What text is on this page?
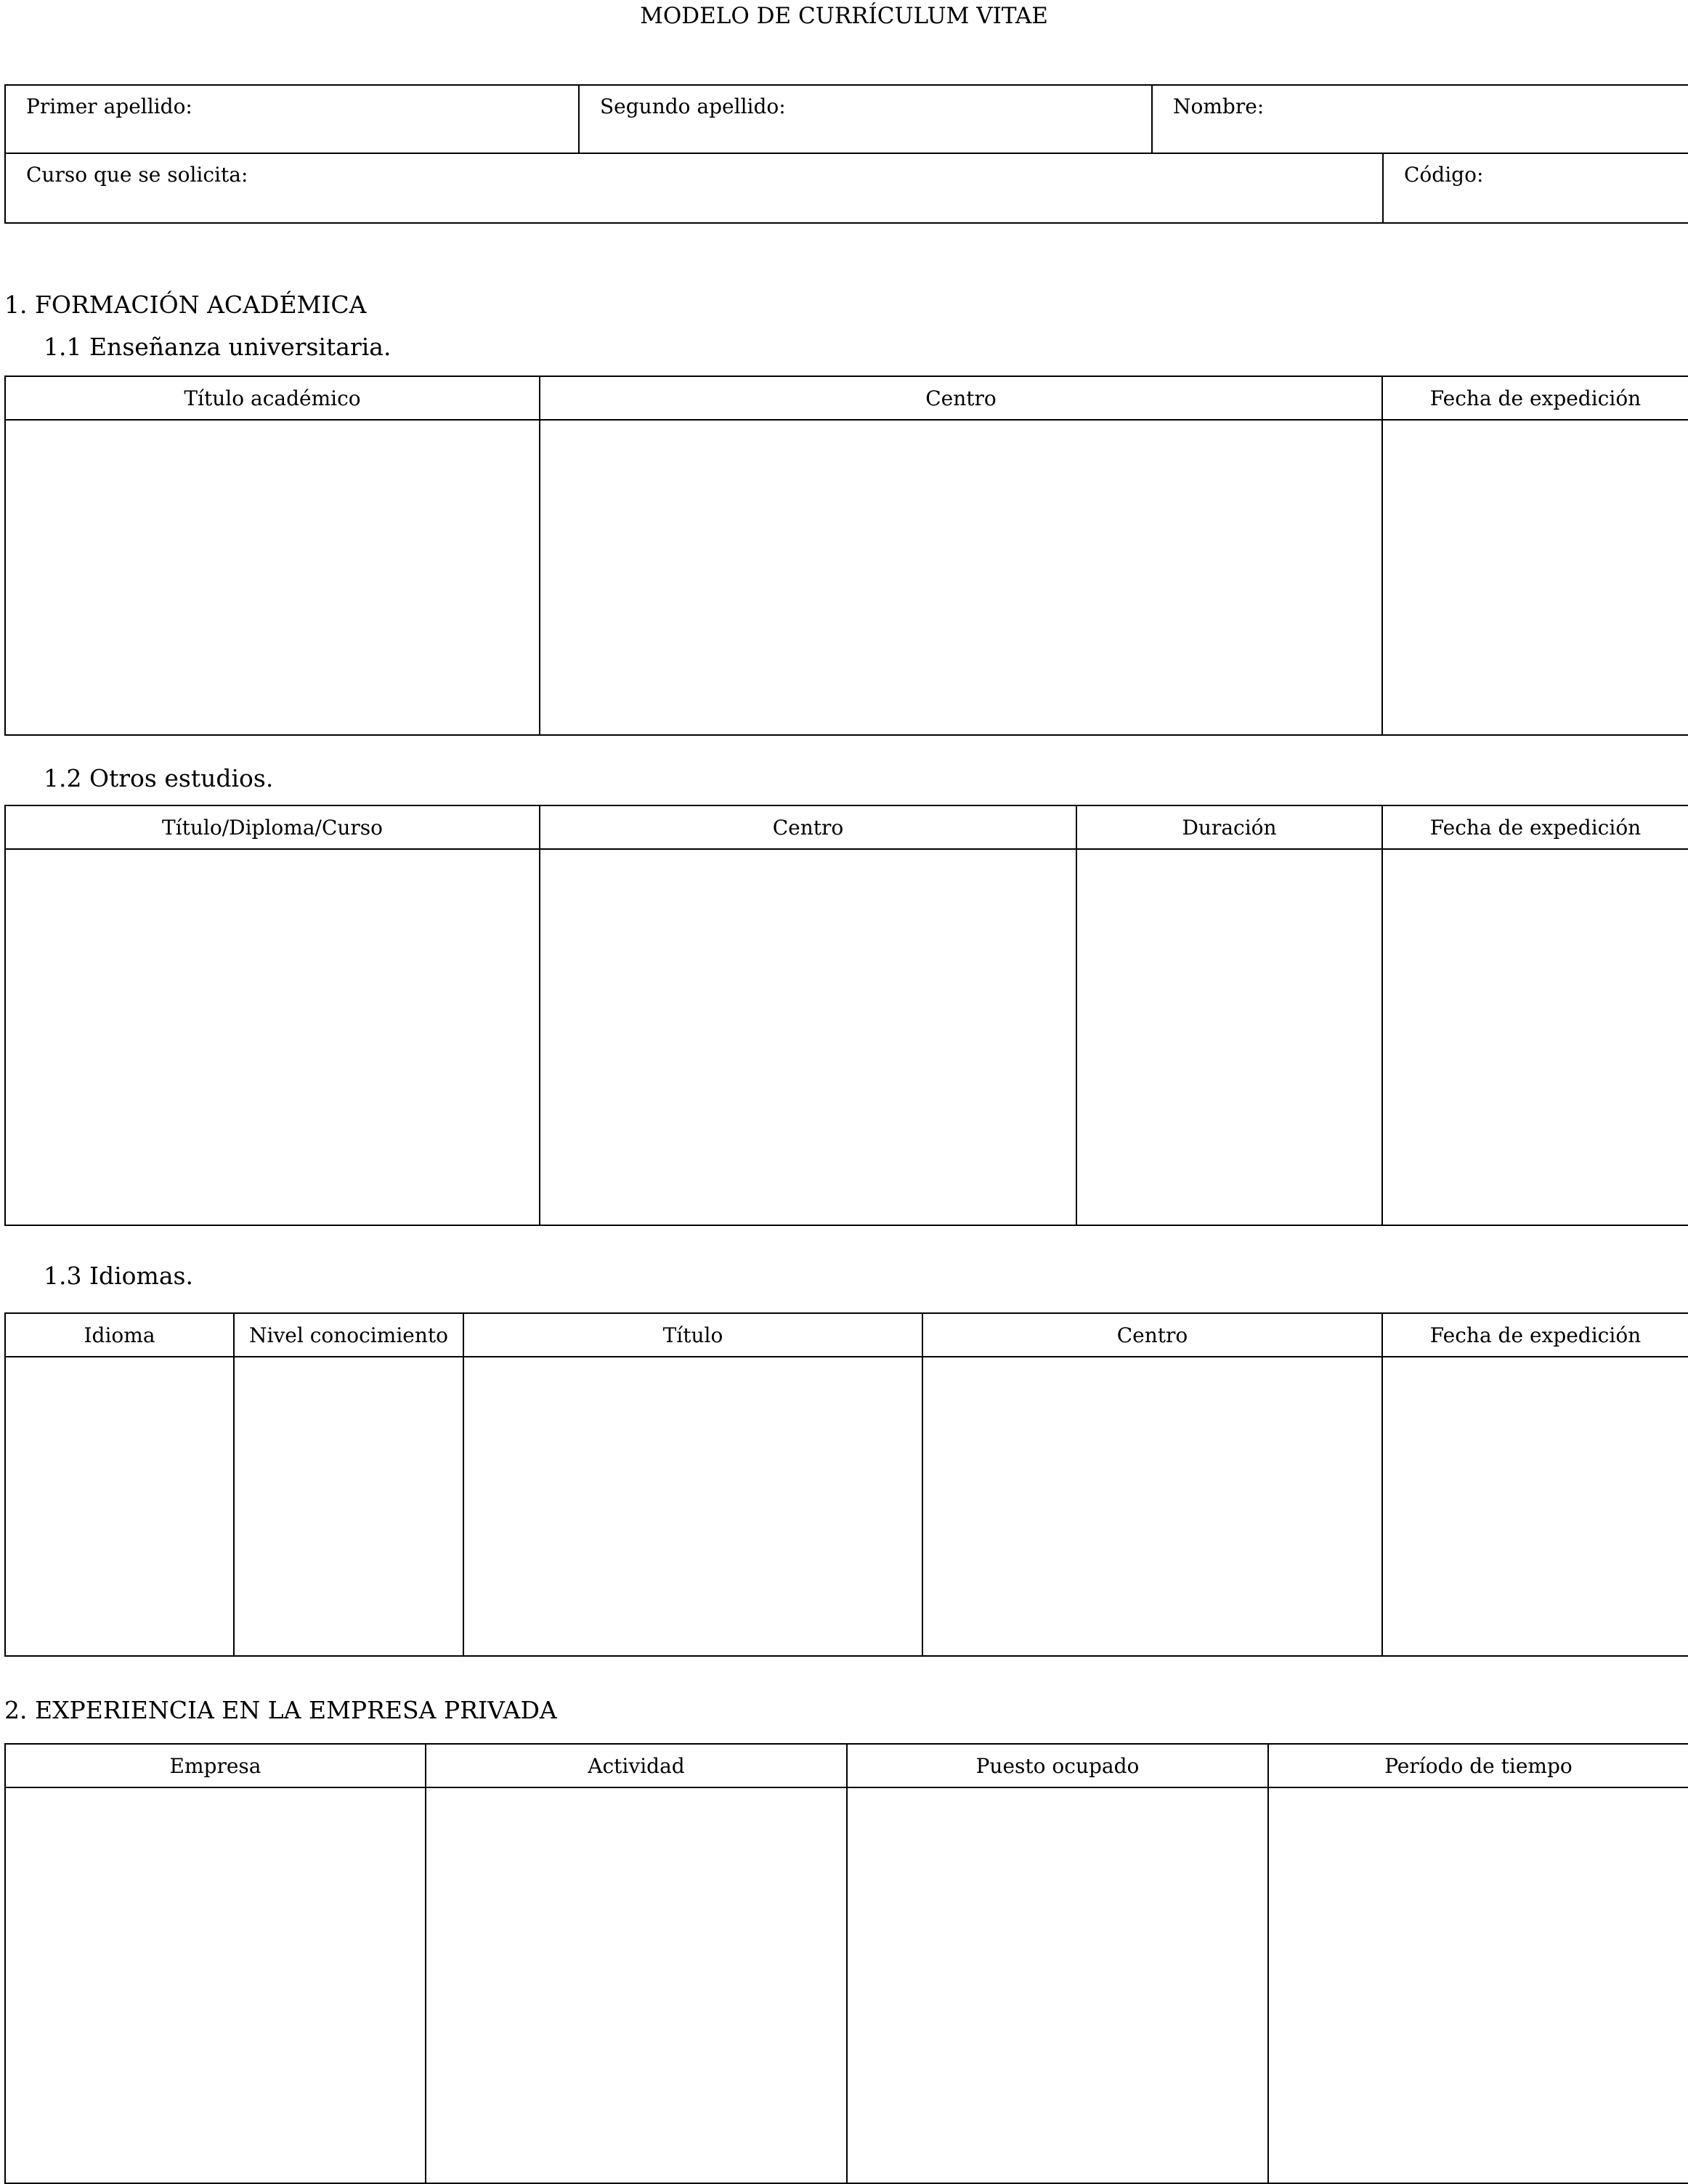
MODELO DE CURRÍCULUM VITAE
Primer apellido:	Segundo apellido:	Nombre:	
Curso que se solicita:			Código:
1. FORMACIÓN ACADÉMICA
1.1 Enseñanza universitaria.
Título académico	Centro	Fecha de expedición

1.2 Otros estudios.
Título/Diploma/Curso	Centro	Duración	Fecha de expedición

1.3 Idiomas.
Idioma	Nivel conocimiento	Título	Centro	Fecha de expedición

2. EXPERIENCIA EN LA EMPRESA PRIVADA
Empresa	Actividad	Puesto ocupado	Período de tiempo
